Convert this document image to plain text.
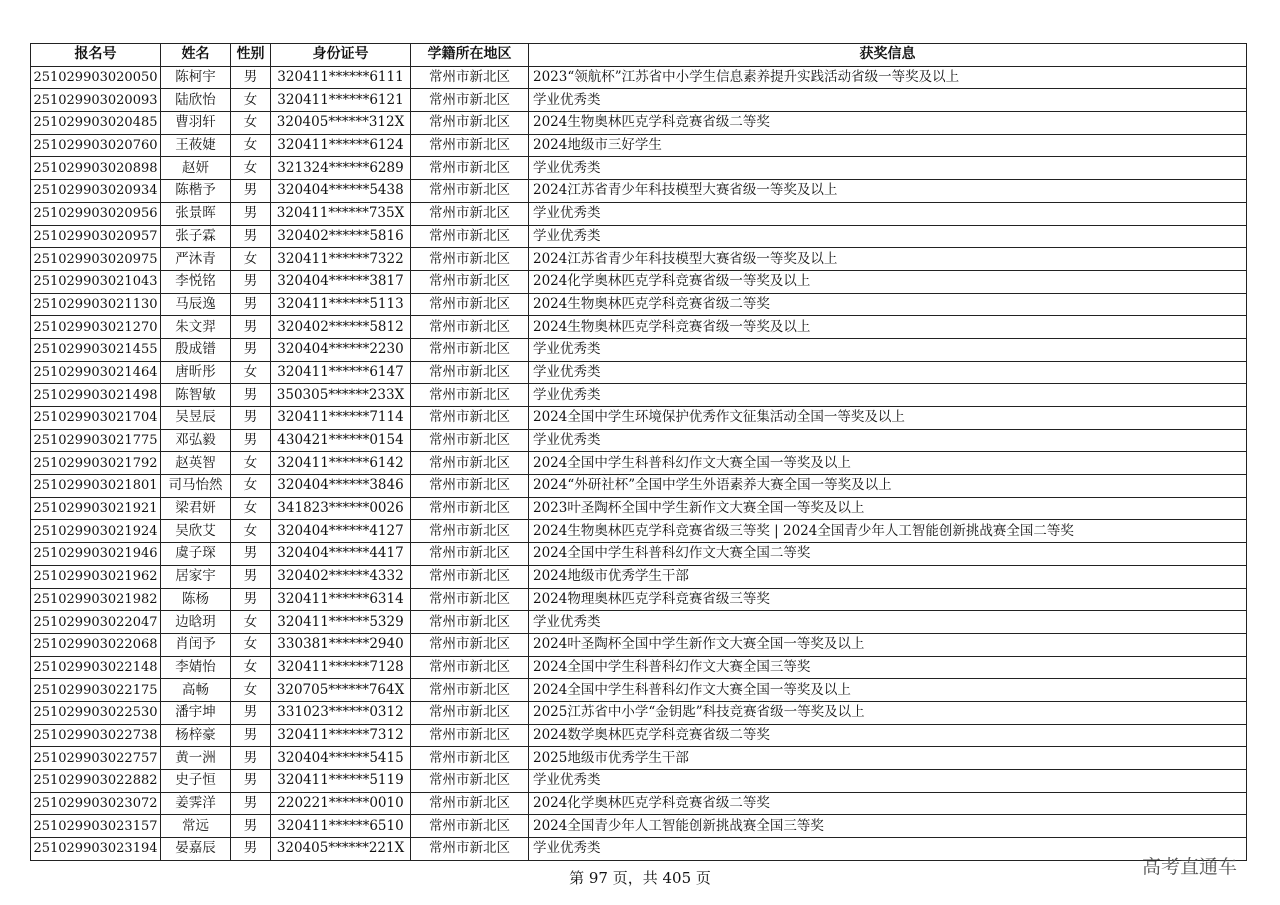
报名号	姓名	性别	身份证号	学籍所在地区	获奖信息
251029903020050	陈柯宇	男	320411******6111	常州市新北区	2023“领航杯”江苏省中小学生信息素养提升实践活动省级一等奖及以上
251029903020093	陆欣怡	女	320411******6121	常州市新北区	学业优秀类
251029903020485	曹羽轩	女	320405******312X	常州市新北区	2024生物奥林匹克学科竞赛省级二等奖
251029903020760	王莜婕	女	320411******6124	常州市新北区	2024地级市三好学生
251029903020898	赵妍	女	321324******6289	常州市新北区	学业优秀类
251029903020934	陈楷予	男	320404******5438	常州市新北区	2024江苏省青少年科技模型大赛省级一等奖及以上
251029903020956	张景晖	男	320411******735X	常州市新北区	学业优秀类
251029903020957	张子霖	男	320402******5816	常州市新北区	学业优秀类
251029903020975	严沐青	女	320411******7322	常州市新北区	2024江苏省青少年科技模型大赛省级一等奖及以上
251029903021043	李悦铭	男	320404******3817	常州市新北区	2024化学奥林匹克学科竞赛省级一等奖及以上
251029903021130	马辰逸	男	320411******5113	常州市新北区	2024生物奥林匹克学科竞赛省级二等奖
251029903021270	朱文羿	男	320402******5812	常州市新北区	2024生物奥林匹克学科竞赛省级一等奖及以上
251029903021455	殷成镨	男	320404******2230	常州市新北区	学业优秀类
251029903021464	唐昕彤	女	320411******6147	常州市新北区	学业优秀类
251029903021498	陈智敏	男	350305******233X	常州市新北区	学业优秀类
251029903021704	吴昱辰	男	320411******7114	常州市新北区	2024全国中学生环境保护优秀作文征集活动全国一等奖及以上
251029903021775	邓弘毅	男	430421******0154	常州市新北区	学业优秀类
251029903021792	赵英智	女	320411******6142	常州市新北区	2024全国中学生科普科幻作文大赛全国一等奖及以上
251029903021801	司马怡然	女	320404******3846	常州市新北区	2024“外研社杯”全国中学生外语素养大赛全国一等奖及以上
251029903021921	梁君妍	女	341823******0026	常州市新北区	2023叶圣陶杯全国中学生新作文大赛全国一等奖及以上
251029903021924	吴欣艾	女	320404******4127	常州市新北区	2024生物奥林匹克学科竞赛省级三等奖 | 2024全国青少年人工智能创新挑战赛全国二等奖
251029903021946	虞子琛	男	320404******4417	常州市新北区	2024全国中学生科普科幻作文大赛全国二等奖
251029903021962	居家宇	男	320402******4332	常州市新北区	2024地级市优秀学生干部
251029903021982	陈杨	男	320411******6314	常州市新北区	2024物理奥林匹克学科竞赛省级三等奖
251029903022047	边晗玥	女	320411******5329	常州市新北区	学业优秀类
251029903022068	肖闰予	女	330381******2940	常州市新北区	2024叶圣陶杯全国中学生新作文大赛全国一等奖及以上
251029903022148	李婧怡	女	320411******7128	常州市新北区	2024全国中学生科普科幻作文大赛全国三等奖
251029903022175	高畅	女	320705******764X	常州市新北区	2024全国中学生科普科幻作文大赛全国一等奖及以上
251029903022530	潘宇坤	男	331023******0312	常州市新北区	2025江苏省中小学“金钥匙”科技竞赛省级一等奖及以上
251029903022738	杨梓豪	男	320411******7312	常州市新北区	2024数学奥林匹克学科竞赛省级二等奖
251029903022757	黄一洲	男	320404******5415	常州市新北区	2025地级市优秀学生干部
251029903022882	史子恒	男	320411******5119	常州市新北区	学业优秀类
251029903023072	姜霁洋	男	220221******0010	常州市新北区	2024化学奥林匹克学科竞赛省级二等奖
251029903023157	常远	男	320411******6510	常州市新北区	2024全国青少年人工智能创新挑战赛全国三等奖
251029903023194	晏嘉辰	男	320405******221X	常州市新北区	学业优秀类
第 97 页，共 405 页	高考直通车
